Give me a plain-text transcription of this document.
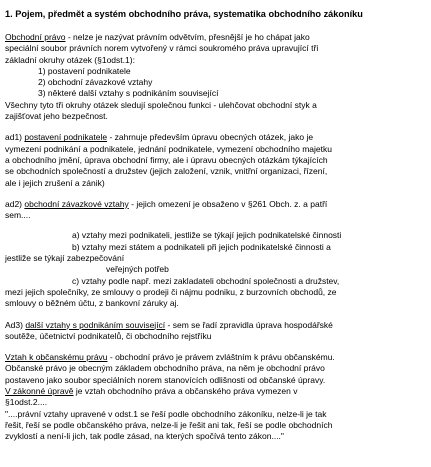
1. Pojem, předmět a systém obchodního práva, systematika obchodního zákoníku
Obchodní právo - nelze je nazývat právním odvětvím, přesnější je ho chápat jako
speciální soubor právních norem vytvořený v rámci soukromého práva upravující tři
základní okruhy otázek (§1odst.1):
1) postavení podnikatele
2) obchodní závazkové vztahy
3) některé další vztahy s podnikáním související
Všechny tyto tři okruhy otázek sledují společnou funkci - ulehčovat obchodní styk a
zajišťovat jeho bezpečnost.
ad1) postavení podnikatele - zahrnuje především úpravu obecných otázek, jako je
vymezení podnikání a podnikatele, jednání podnikatele, vymezení obchodního majetku
a obchodního jmění, úprava obchodní firmy, ale i úpravu obecných otázkám týkajících
se obchodních společností a družstev (jejich založení, vznik, vnitřní organizaci, řízení,
ale i jejich zrušení a zánik)
ad2) obchodní závazkové vztahy - jejich omezení je obsaženo v §261 Obch. z. a patří
sem....
a) vztahy mezi podnikateli, jestliže se týkají jejich podnikatelské činnosti
b) vztahy mezi státem a podnikateli při jejich podnikatelské činnosti a
jestliže se týkají zabezpečování
veřejných potřeb
c) vztahy podle např. mezi zakladateli obchodní společnosti a družstev,
mezi jejich společníky, ze smlouvy o prodeji či nájmu podniku, z burzovních obchodů, ze
smlouvy o běžném účtu, z bankovní záruky aj.
Ad3) další vztahy s podnikáním související - sem se řadí zpravidla úprava hospodářské
soutěže, účetnictví podnikatelů, či obchodního rejstříku
Vztah k občanskému právu - obchodní právo je právem zvláštním k právu občanskému.
Občanské právo je obecným základem obchodního práva, na něm je obchodní právo
postaveno jako soubor speciálních norem stanovících odlišnosti od občanské úpravy.
V zákonné úpravě je vztah obchodního práva a občanského práva vymezen v
§1odst.2....
"....právní vztahy upravené v odst.1 se řeší podle obchodního zákoníku, nelze-li je tak
řešit, řeší se podle občanského práva, nelze-li je řešit ani tak, řeší se podle obchodních
zvyklostí a není-li jich, tak podle zásad, na kterých spočívá tento zákon...."
